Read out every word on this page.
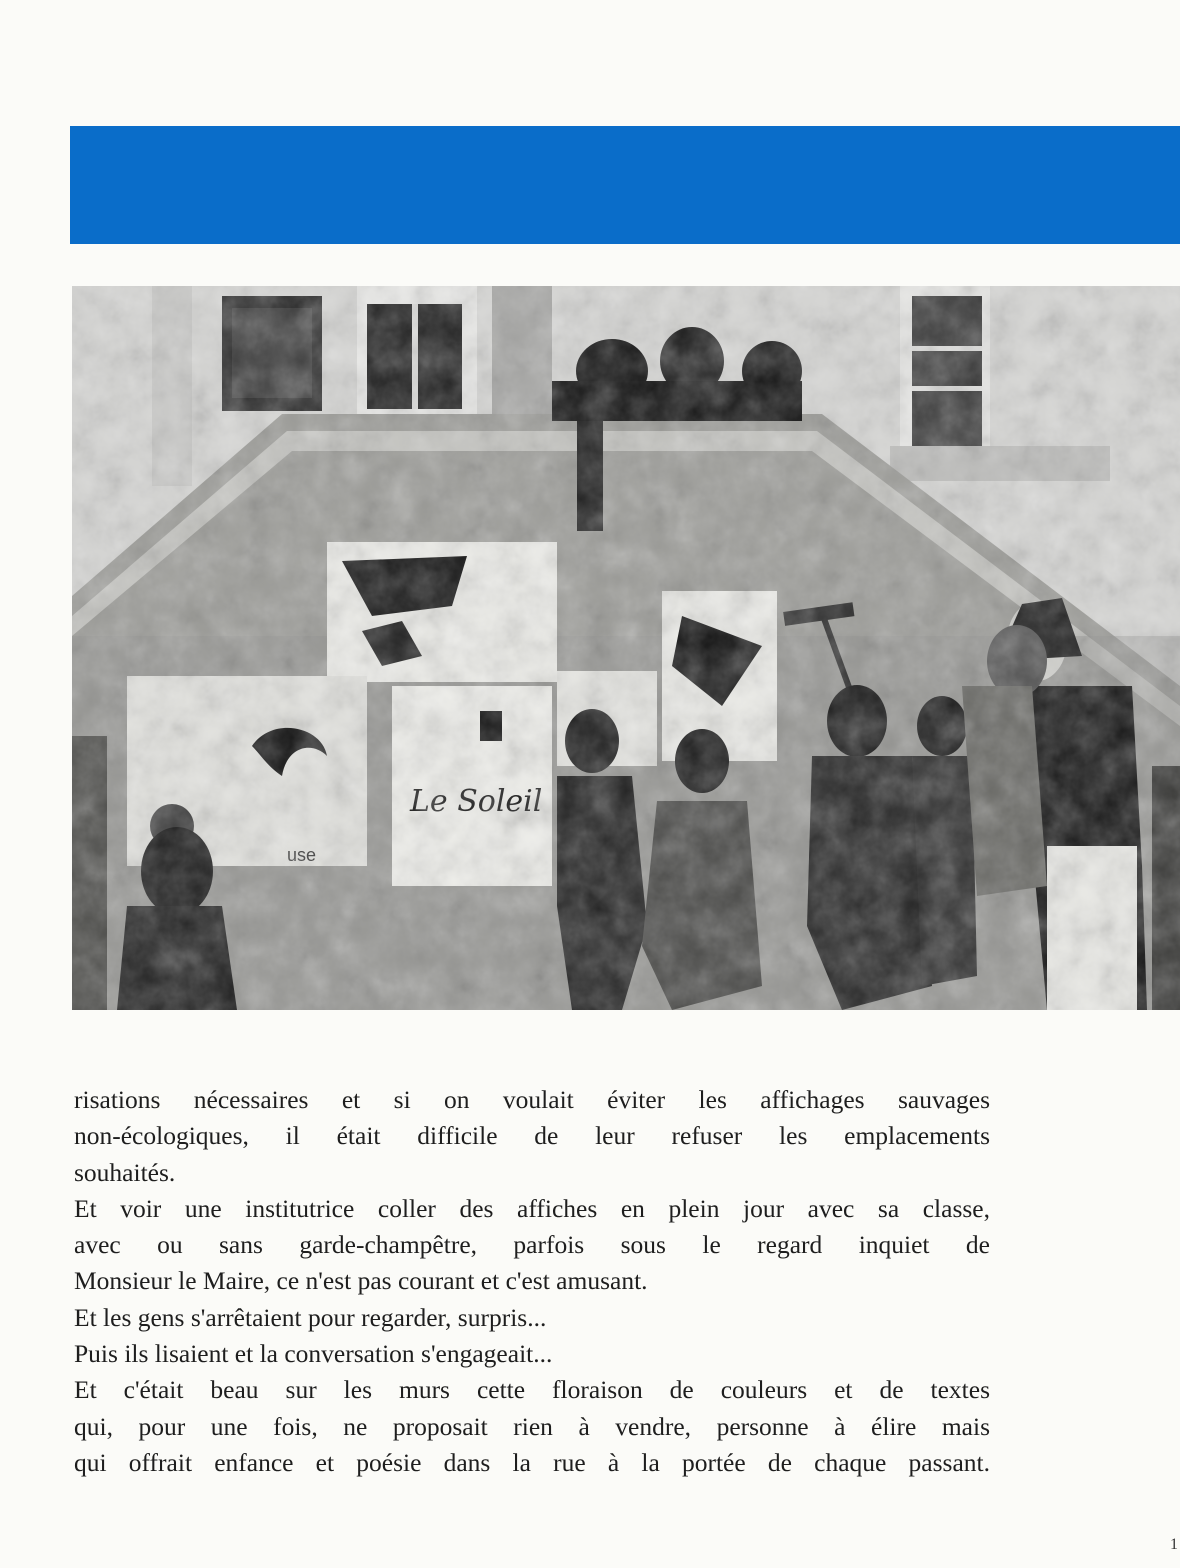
risations nécessaires et si on voulait éviter les affichages sauvages
non-écologiques, il était difficile de leur refuser les emplacements
souhaités.
Et voir une institutrice coller des affiches en plein jour avec sa classe,
avec ou sans garde-champêtre, parfois sous le regard inquiet de
Monsieur le Maire, ce n'est pas courant et c'est amusant.
Et les gens s'arrêtaient pour regarder, surpris...
Puis ils lisaient et la conversation s'engageait...
Et c'était beau sur les murs cette floraison de couleurs et de textes
qui, pour une fois, ne proposait rien à vendre, personne à élire mais
qui offrait enfance et poésie dans la rue à la portée de chaque passant.
1
